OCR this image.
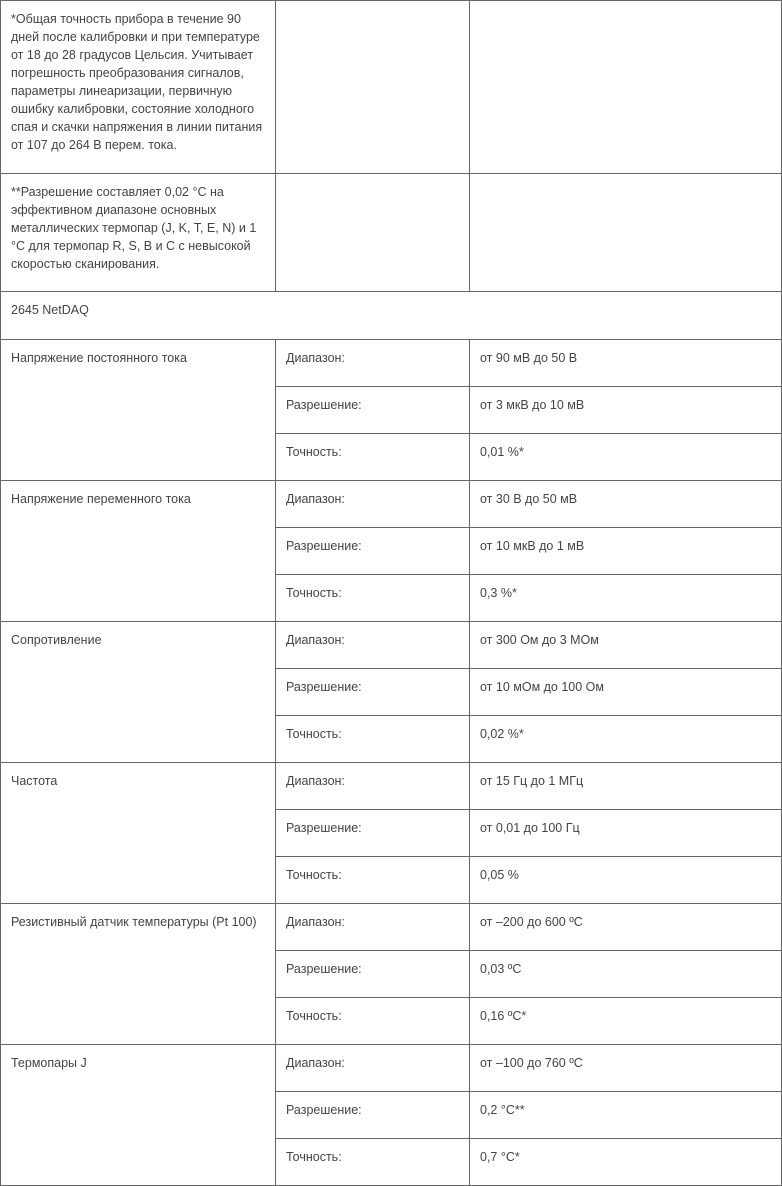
*Общая точность прибора в течение 90 дней после калибровки и при температуре от 18 до 28 градусов Цельсия. Учитывает погрешность преобразования сигналов, параметры линеаризации, первичную ошибку калибровки, состояние холодного спая и скачки напряжения в линии питания от 107 до 264 В перем. тока.		
**Разрешение составляет 0,02 °С на эффективном диапазоне основных металлических термопар (J, K, T, E, N) и 1 °С для термопар R, S, B и С с невысокой скоростью сканирования.		
2645 NetDAQ		
Напряжение постоянного тока	Диапазон:	от 90 мВ до 50 В
	Разрешение:	от 3 мкВ до 10 мВ
	Точность:	0,01 %*
Напряжение переменного тока	Диапазон:	от 30 В до 50 мВ
	Разрешение:	от 10 мкВ до 1 мВ
	Точность:	0,3 %*
Сопротивление	Диапазон:	от 300 Ом до 3 МОм
	Разрешение:	от 10 мОм до 100 Ом
	Точность:	0,02 %*
Частота	Диапазон:	от 15 Гц до 1 МГц
	Разрешение:	от 0,01 до 100 Гц
	Точность:	0,05 %
Резистивный датчик температуры (Pt 100)	Диапазон:	от –200 до 600 ºС
	Разрешение:	0,03 ºС
	Точность:	0,16 ºС*
Термопары J	Диапазон:	от –100 до 760 ºС
	Разрешение:	0,2 °С**
	Точность:	0,7 °С*
